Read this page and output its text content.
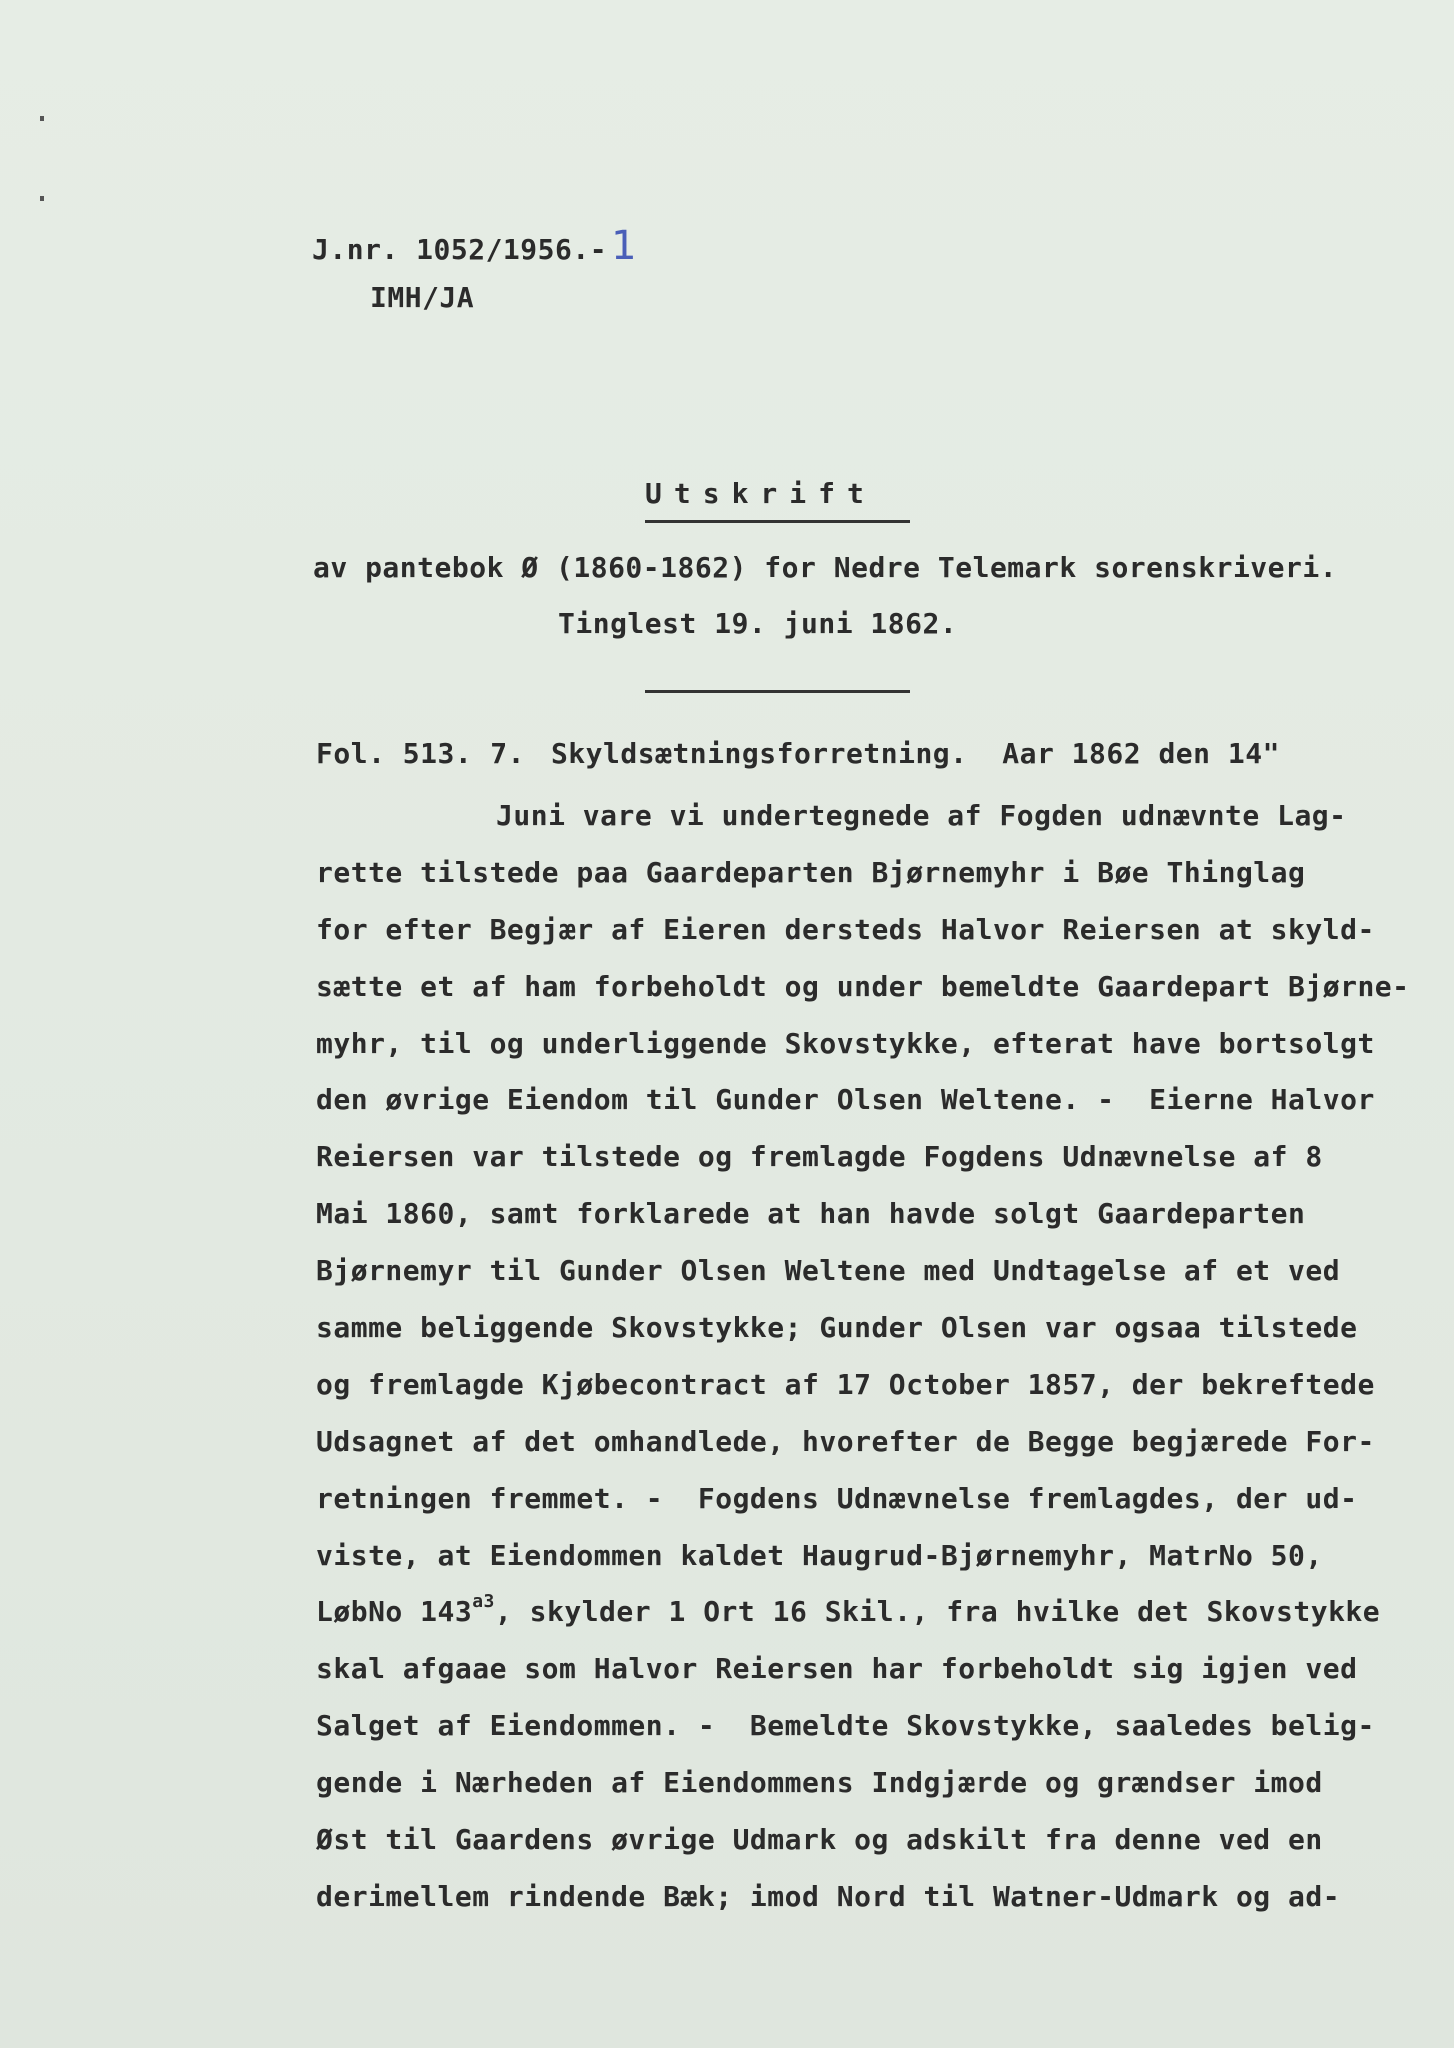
J.nr. 1052/1956.- 1
IMH/JA
Utskrift
av pantebok Ø (1860-1862) for Nedre Telemark sorenskriveri.
Tinglest 19. juni 1862.
Fol. 513. 7. Skyldsætningsforretning.  Aar 1862 den 14"
Juni vare vi undertegnede af Fogden udnævnte Lag-
rette tilstede paa Gaardeparten Bjørnemyhr i Bøe Thinglag
for efter Begjær af Eieren dersteds Halvor Reiersen at skyld-
sætte et af ham forbeholdt og under bemeldte Gaardepart Bjørne-
myhr, til og underliggende Skovstykke, efterat have bortsolgt
den øvrige Eiendom til Gunder Olsen Weltene. -  Eierne Halvor
Reiersen var tilstede og fremlagde Fogdens Udnævnelse af 8
Mai 1860, samt forklarede at han havde solgt Gaardeparten
Bjørnemyr til Gunder Olsen Weltene med Undtagelse af et ved
samme beliggende Skovstykke; Gunder Olsen var ogsaa tilstede
og fremlagde Kjøbecontract af 17 October 1857, der bekreftede
Udsagnet af det omhandlede, hvorefter de Begge begjærede For-
retningen fremmet. -  Fogdens Udnævnelse fremlagdes, der ud-
viste, at Eiendommen kaldet Haugrud-Bjørnemyhr, MatrNo 50,
LøbNo $143^{a3}$, skylder 1 Ort 16 Skil., fra hvilke det Skovstykke
skal afgaae som Halvor Reiersen har forbeholdt sig igjen ved
Salget af Eiendommen. -  Bemeldte Skovstykke, saaledes belig-
gende i Nærheden af Eiendommens Indgjærde og grændser imod
Øst til Gaardens øvrige Udmark og adskilt fra denne ved en
derimellem rindende Bæk; imod Nord til Watner-Udmark og ad-
